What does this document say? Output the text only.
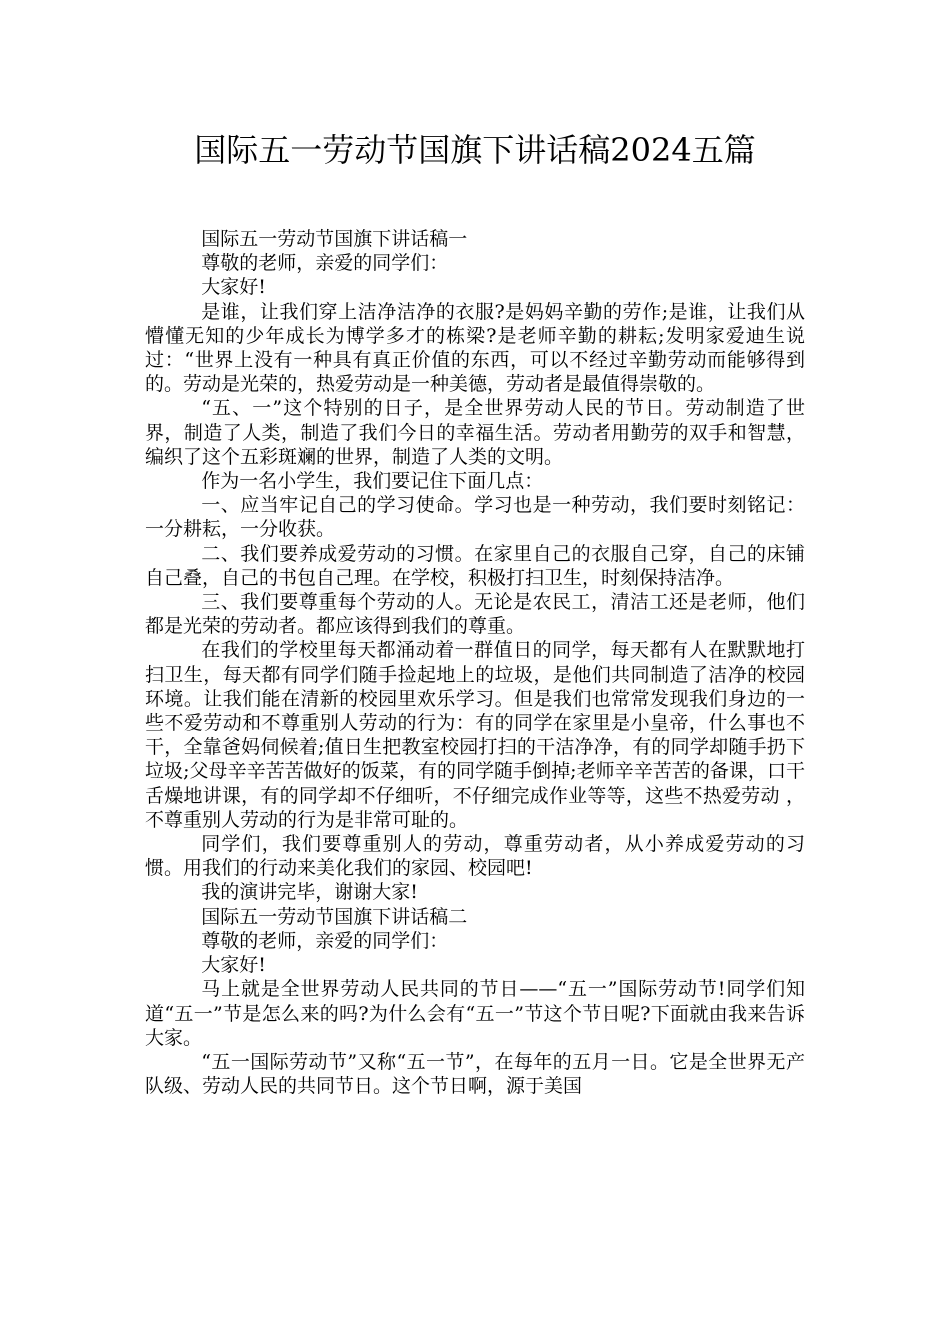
国际五一劳动节国旗下讲话稿2024五篇

国际五一劳动节国旗下讲话稿一

尊敬的老师，亲爱的同学们：

大家好!

是谁，让我们穿上洁净洁净的衣服?是妈妈辛勤的劳作;是谁，让我们从懵懂无知的少年成长为博学多才的栋梁?是老师辛勤的耕耘;发明家爱迪生说过：“世界上没有一种具有真正价值的东西，可以不经过辛勤劳动而能够得到的。劳动是光荣的，热爱劳动是一种美德，劳动者是最值得崇敬的。

“五、一”这个特别的日子，是全世界劳动人民的节日。劳动制造了世界，制造了人类，制造了我们今日的幸福生活。劳动者用勤劳的双手和智慧，编织了这个五彩斑斓的世界，制造了人类的文明。

作为一名小学生，我们要记住下面几点：

一、应当牢记自己的学习使命。学习也是一种劳动，我们要时刻铭记：一分耕耘，一分收获。

二、我们要养成爱劳动的习惯。在家里自己的衣服自己穿，自己的床铺自己叠，自己的书包自己理。在学校，积极打扫卫生，时刻保持洁净。

三、我们要尊重每个劳动的人。无论是农民工，清洁工还是老师，他们都是光荣的劳动者。都应该得到我们的尊重。

在我们的学校里每天都涌动着一群值日的同学，每天都有人在默默地打扫卫生，每天都有同学们随手捡起地上的垃圾，是他们共同制造了洁净的校园环境。让我们能在清新的校园里欢乐学习。但是我们也常常发现我们身边的一些不爱劳动和不尊重别人劳动的行为：有的同学在家里是小皇帝，什么事也不干，全靠爸妈伺候着;值日生把教室校园打扫的干洁净净，有的同学却随手扔下垃圾;父母辛辛苦苦做好的饭菜，有的同学随手倒掉;老师辛辛苦苦的备课，口干舌燥地讲课，有的同学却不仔细听，不仔细完成作业等等，这些不热爱劳动 ，不尊重别人劳动的行为是非常可耻的。

同学们，我们要尊重别人的劳动，尊重劳动者，从小养成爱劳动的习惯。用我们的行动来美化我们的家园、校园吧!

我的演讲完毕，谢谢大家!

国际五一劳动节国旗下讲话稿二

尊敬的老师，亲爱的同学们：

大家好!

马上就是全世界劳动人民共同的节日——“五一”国际劳动节!同学们知道“五一”节是怎么来的吗?为什么会有“五一”节这个节日呢?下面就由我来告诉大家。

“五一国际劳动节”又称“五一节”，在每年的五月一日。它是全世界无产队级、劳动人民的共同节日。这个节日啊，源于美国
